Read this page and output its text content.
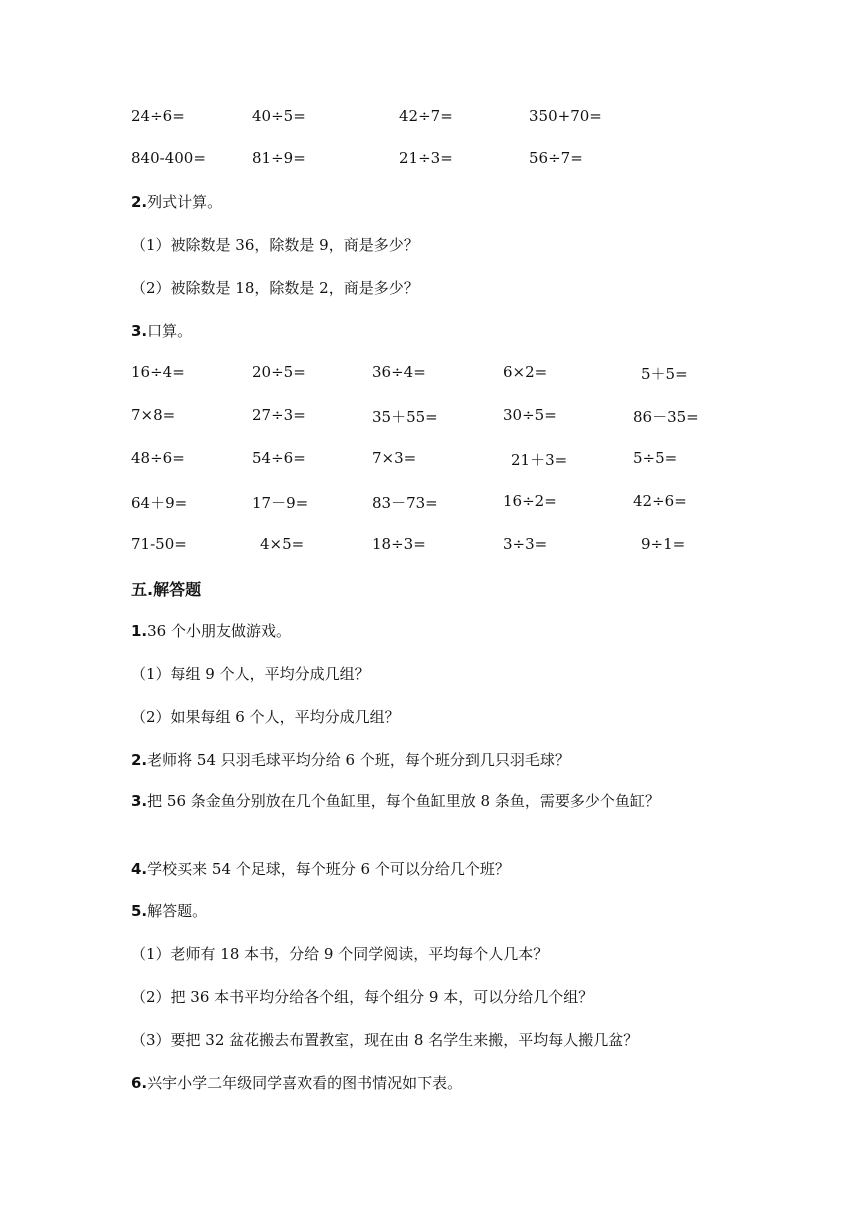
24÷6=	40÷5=	42÷7=	350+70=
840-400=	81÷9=	21÷3=	56÷7=
2.列式计算。
（1）被除数是 36，除数是 9，商是多少？
（2）被除数是 18，除数是 2，商是多少？
3.口算。
16÷4=	20÷5=	36÷4=	6×2=	5＋5=
7×8=	27÷3=	35＋55=	30÷5=	86－35=
48÷6=	54÷6=	7×3=	21＋3=	5÷5=
64＋9=	17－9=	83－73=	16÷2=	42÷6=
71-50=	4×5=	18÷3=	3÷3=	9÷1=
五.解答题
1.36 个小朋友做游戏。
（1）每组 9 个人，平均分成几组？
（2）如果每组 6 个人，平均分成几组？
2.老师将 54 只羽毛球平均分给 6 个班，每个班分到几只羽毛球？
3.把 56 条金鱼分别放在几个鱼缸里，每个鱼缸里放 8 条鱼，需要多少个鱼缸？
4.学校买来 54 个足球，每个班分 6 个可以分给几个班？
5.解答题。
（1）老师有 18 本书，分给 9 个同学阅读，平均每个人几本？
（2）把 36 本书平均分给各个组，每个组分 9 本，可以分给几个组？
（3）要把 32 盆花搬去布置教室，现在由 8 名学生来搬，平均每人搬几盆？
6.兴宇小学二年级同学喜欢看的图书情况如下表。
